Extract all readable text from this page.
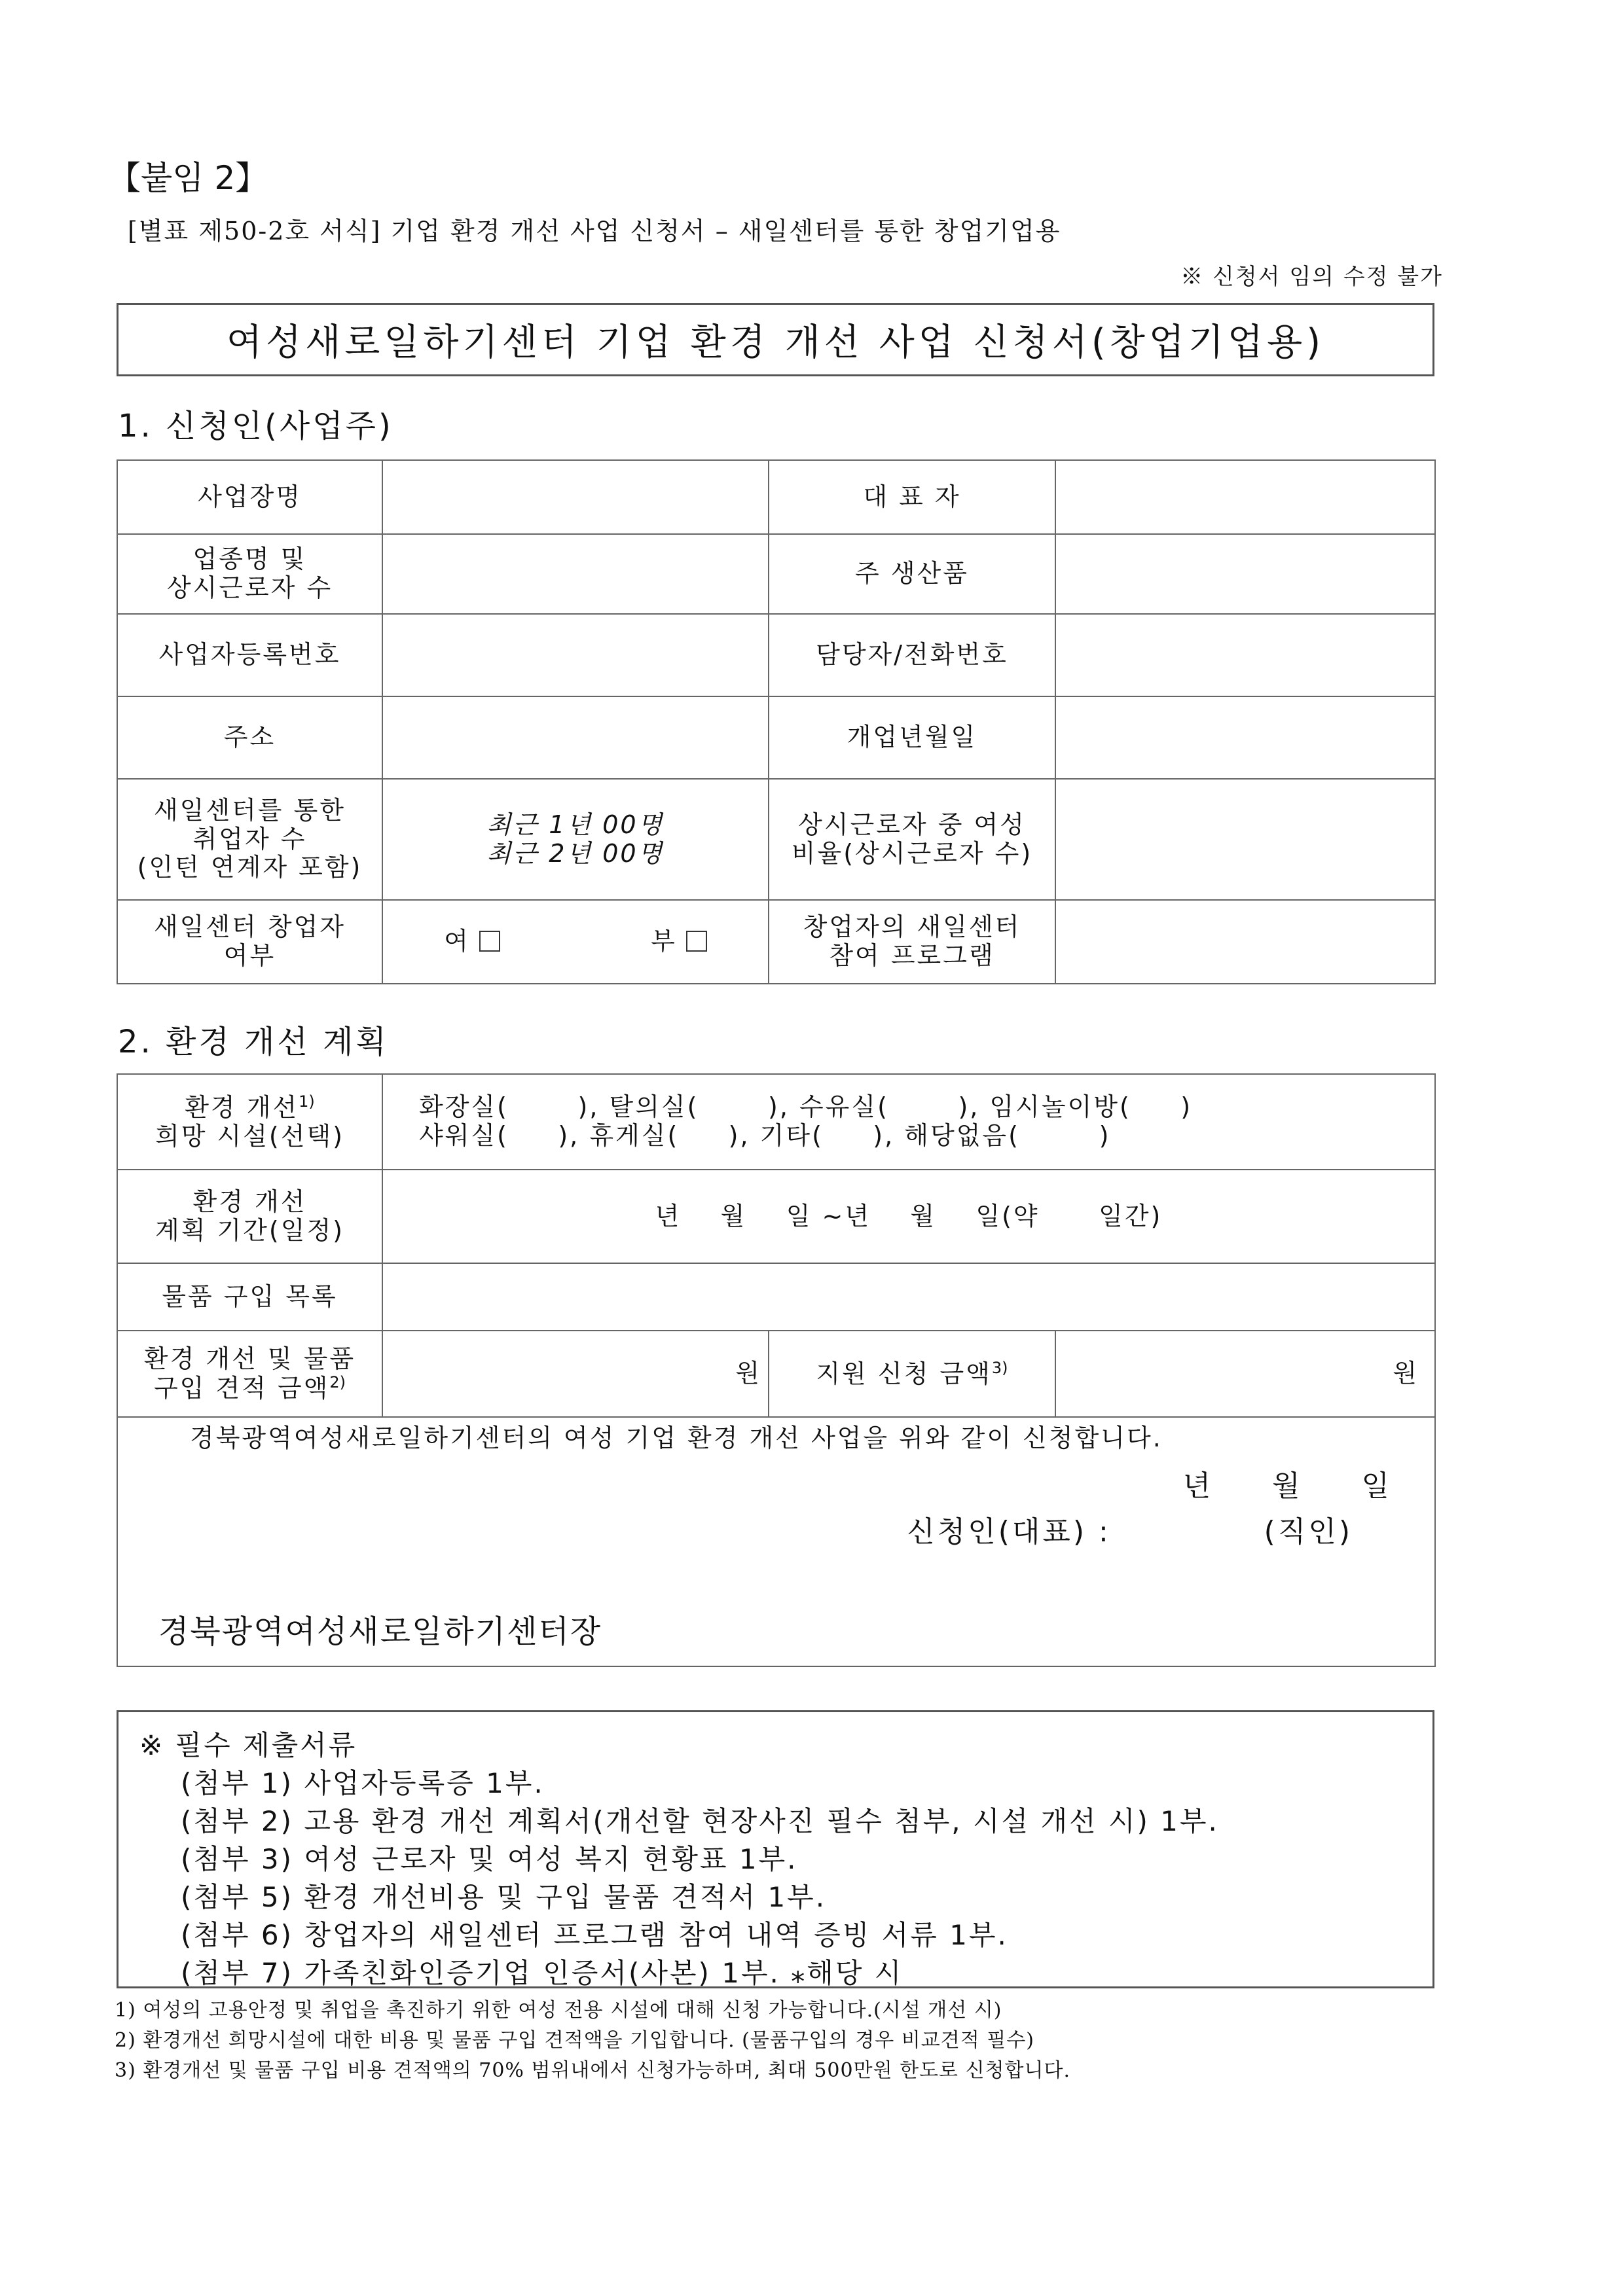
【붙임 2】
[별표 제50-2호 서식] 기업 환경 개선 사업 신청서 – 새일센터를 통한 창업기업용
※ 신청서 임의 수정 불가
여성새로일하기센터 기업 환경 개선 사업 신청서(창업기업용)
1. 신청인(사업주)
사업장명		대 표 자	
업종명 및
상시근로자 수		주 생산품	
사업자등록번호		담당자/전화번호	
주소		개업년월일	
새일센터를 통한
취업자 수
(인턴 연계자 포함)	최근 1년 00명
최근 2년 00명	상시근로자 중 여성
비율(상시근로자 수)	
새일센터 창업자
여부	여 부	창업자의 새일센터
참여 프로그램	
2. 환경 개선 계획
환경 개선$^{1)}$
희망 시설(선택)	화장실(       ), 탈의실(       ), 수유실(       ), 임시놀이방(     )
샤워실(     ), 휴게실(     ), 기타(     ), 해당없음(        )		
환경 개선
계획 기간(일정)	년    월    일 ~년    월    일(약      일간)		
물품 구입 목록			
환경 개선 및 물품
구입 견적 금액$^{2)}$	원	지원 신청 금액$^{3)}$	원

경북광역여성새로일하기센터의 여성 기업 환경 개선 사업을 위와 같이 신청합니다.
년     월     일
신청인(대표) :             (직인)
경북광역여성새로일하기센터장			
※ 필수 제출서류
(첨부 1) 사업자등록증 1부.
(첨부 2) 고용 환경 개선 계획서(개선할 현장사진 필수 첨부, 시설 개선 시) 1부.
(첨부 3) 여성 근로자 및 여성 복지 현황표 1부.
(첨부 5) 환경 개선비용 및 구입 물품 견적서 1부.
(첨부 6) 창업자의 새일센터 프로그램 참여 내역 증빙 서류 1부.
(첨부 7) 가족친화인증기업 인증서(사본) 1부. ⁎해당 시
1) 여성의 고용안정 및 취업을 촉진하기 위한 여성 전용 시설에 대해 신청 가능합니다.(시설 개선 시)
2) 환경개선 희망시설에 대한 비용 및 물품 구입 견적액을 기입합니다. (물품구입의 경우 비교견적 필수)
3) 환경개선 및 물품 구입 비용 견적액의 70% 범위내에서 신청가능하며, 최대 500만원 한도로 신청합니다.
